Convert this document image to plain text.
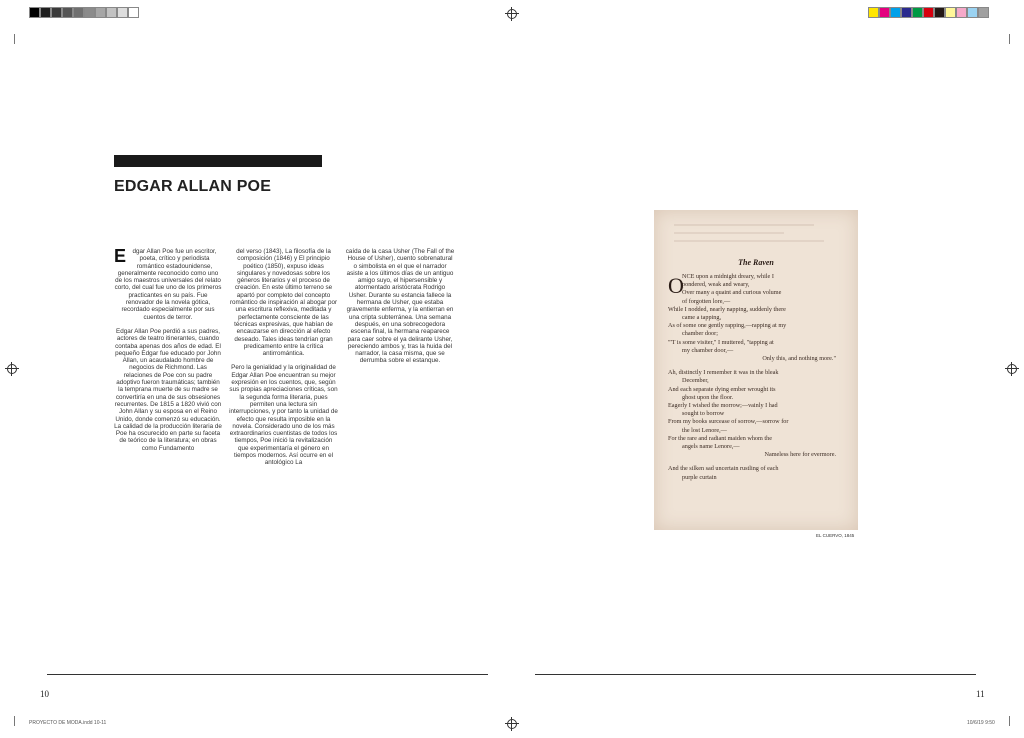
EDGAR ALLAN POE
E	dgar Allan Poe fue un escritor, poeta, crítico y periodista romántico estadounidense, generalmente reconocido como uno de los maestros universales del relato corto, del cual fue uno de los primeros practicantes en su país. Fue renovador de la novela gótica, recordado especialmente por sus cuentos de terror.

Edgar Allan Poe perdió a sus padres, actores de teatro itinerantes, cuando contaba apenas dos años de edad. El pequeño Edgar fue educado por John Allan, un acaudalado hombre de negocios de Richmond. Las relaciones de Poe con su padre adoptivo fueron traumáticas; también la temprana muerte de su madre se convertiría en una de sus obsesiones recurrentes. De 1815 a 1820 vivió con John Allan y su esposa en el Reino Unido, donde comenzó su educación.
La calidad de la producción literaria de Poe ha oscurecido en parte su faceta de teórico de la literatura; en obras como Fundamento

del verso (1843), La filosofía de la composición (1846) y El principio poético (1850), expuso ideas singulares y novedosas sobre los géneros literarios y el proceso de creación. En este último terreno se apartó por completo del concepto romántico de inspiración al abogar por una escritura reflexiva, meditada y perfectamente consciente de las técnicas expresivas, que habían de encauzarse en dirección al efecto deseado. Tales ideas tendrían gran predicamento entre la crítica antirromántica.

Pero la genialidad y la originalidad de Edgar Allan Poe encuentran su mejor expresión en los cuentos, que, según sus propias apreciaciones críticas, son la segunda forma literaria, pues permiten una lectura sin interrupciones, y por tanto la unidad de efecto que resulta imposible en la novela. Considerado uno de los más extraordinarios cuentistas de todos los tiempos, Poe inició la revitalización que experimentaría el género en tiempos modernos. Así ocurre en el antológico La

caída de la casa Usher (The Fall of the House of Usher), cuento sobrenatural o simbolista en el que el narrador asiste a los últimos días de un antiguo amigo suyo, el hipersensible y atormentado aristócrata Rodrigo Usher. Durante su estancia fallece la hermana de Usher, que estaba gravemente enferma, y la entierran en una cripta subterránea. Una semana después, en una sobrecogedora escena final, la hermana reaparece para caer sobre el ya delirante Usher, pereciendo ambos y, tras la huida del narrador, la casa misma, que se derrumba sobre el estanque.

10
PROYECTO DE MODA.indd 10-11
The Raven
O
NCE upon a midnight dreary, while I
pondered, weak and weary,
Over many a quaint and curious volume
of forgotten lore,—
While I nodded, nearly napping, suddenly there
came a tapping,
As of some one gently rapping,—rapping at my
chamber door;
"'T is some visiter," I muttered, "tapping at
my chamber door,—
Only this, and nothing more."
Ah, distinctly I remember it was in the bleak
December,
And each separate dying ember wrought its
ghost upon the floor.
Eagerly I wished the morrow;—vainly I had
sought to borrow
From my books surcease of sorrow,—sorrow for
the lost Lenore,—
For the rare and radiant maiden whom the
angels name Lenore,—
Nameless here for evermore.
And the silken sad uncertain rustling of each
purple curtain
EL CUERVO, 1845
11
10/6/19 9:50
